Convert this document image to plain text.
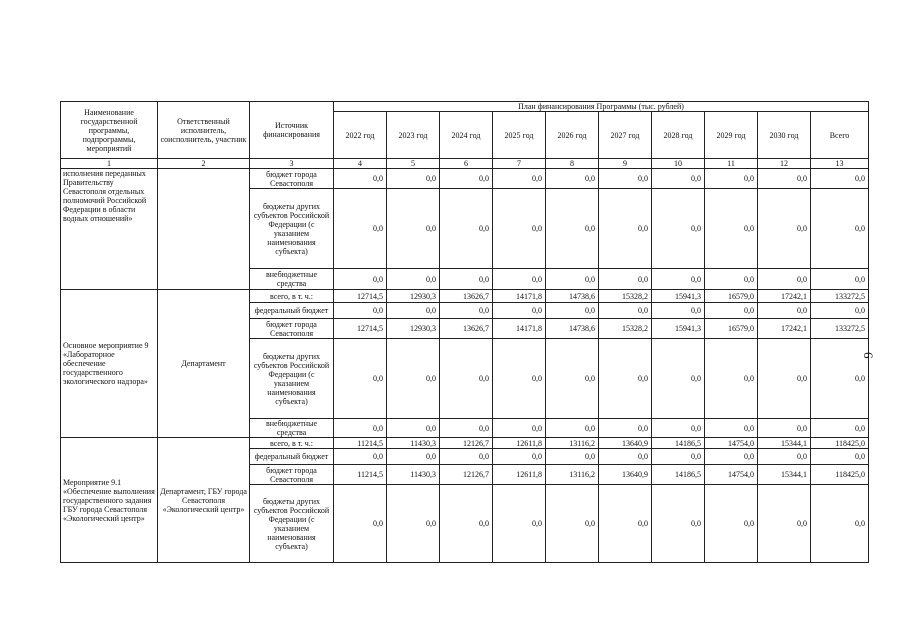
Наименование государственной программы, подпрограммы, мероприятий	Ответственный исполнитель, соисполнитель, участник	Источник финансирования	План финансирования Программы (тыс. рублей)									
			2022 год	2023 год	2024 год	2025 год	2026 год	2027 год	2028 год	2029 год	2030 год	Всего
1	2	3	4	5	6	7	8	9	10	11	12	13
исполнения переданных Правительству Севастополя отдельных полномочий Российской Федерации в области водных отношений»		бюджет города Севастополя	0,0	0,0	0,0	0,0	0,0	0,0	0,0	0,0	0,0	0,0
		бюджеты других субъектов Российской Федерации (с указанием наименования субъекта)	0,0	0,0	0,0	0,0	0,0	0,0	0,0	0,0	0,0	0,0
		внебюджетные средства	0,0	0,0	0,0	0,0	0,0	0,0	0,0	0,0	0,0	0,0
Основное мероприятие 9 «Лабораторное обеспечение государственного экологического надзора»	Департамент	всего, в т. ч.:	12714,5	12930,3	13626,7	14171,8	14738,6	15328,2	15941,3	16579,0	17242,1	133272,5
		федеральный бюджет	0,0	0,0	0,0	0,0	0,0	0,0	0,0	0,0	0,0	0,0
		бюджет города Севастополя	12714,5	12930,3	13626,7	14171,8	14738,6	15328,2	15941,3	16579,0	17242,1	133272,5
		бюджеты других субъектов Российской Федерации (с указанием наименования субъекта)	0,0	0,0	0,0	0,0	0,0	0,0	0,0	0,0	0,0	0,0
		внебюджетные средства	0,0	0,0	0,0	0,0	0,0	0,0	0,0	0,0	0,0	0,0
Мероприятие 9.1 «Обеспечение выполнения государственного задания ГБУ города Севастополя «Экологический центр»	Департамент, ГБУ города Севастополя «Экологический центр»	всего, в т. ч.:	11214,5	11430,3	12126,7	12611,8	13116,2	13640,9	14186,5	14754,0	15344,1	118425,0
		федеральный бюджет	0,0	0,0	0,0	0,0	0,0	0,0	0,0	0,0	0,0	0,0
		бюджет города Севастополя	11214,5	11430,3	12126,7	12611,8	13116,2	13640,9	14186,5	14754,0	15344,1	118425,0
		бюджеты других субъектов Российской Федерации (с указанием наименования субъекта)	0,0	0,0	0,0	0,0	0,0	0,0	0,0	0,0	0,0	0,0
6
